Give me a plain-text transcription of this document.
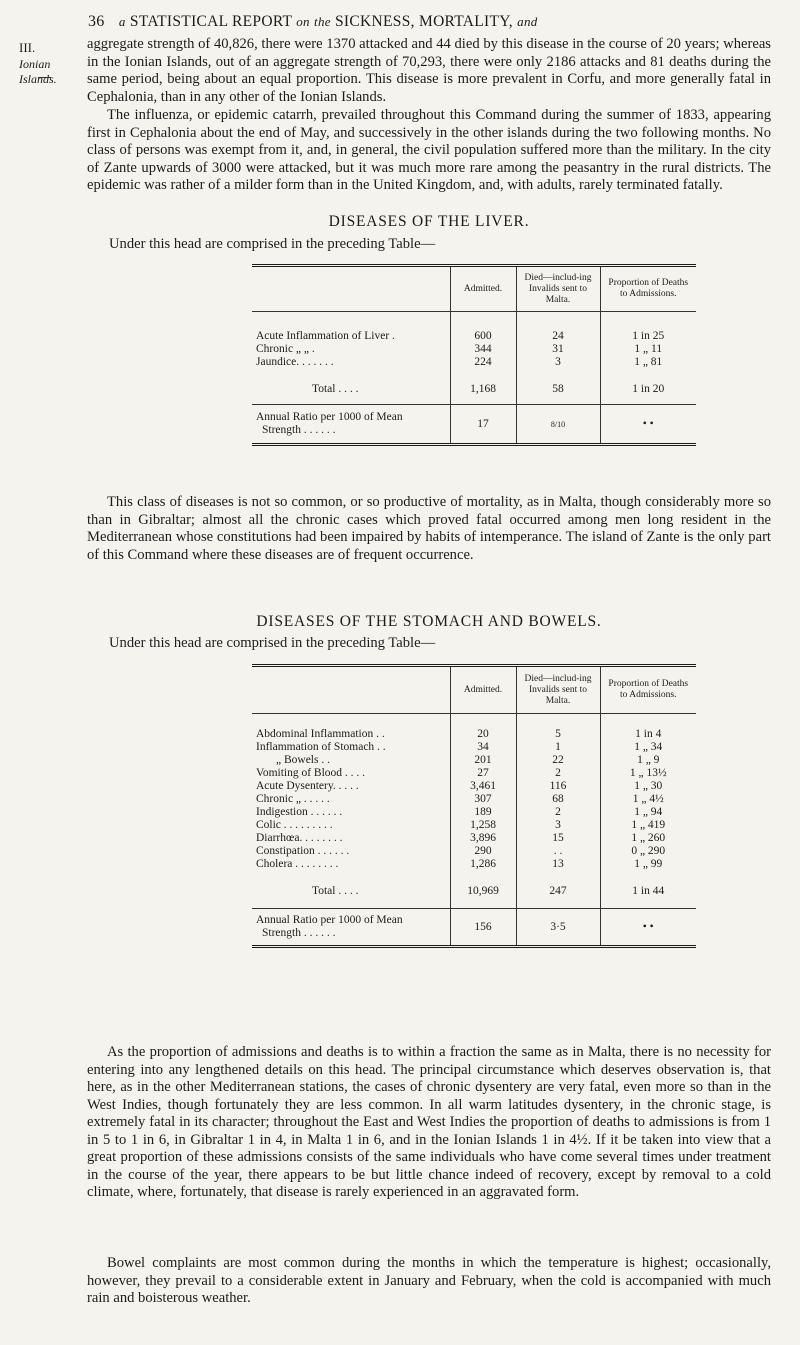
36 a STATISTICAL REPORT on the SICKNESS, MORTALITY, and
III.
Ionian Islands.
aggregate strength of 40,826, there were 1370 attacked and 44 died by this disease in the course of 20 years; whereas in the Ionian Islands, out of an aggregate strength of 70,293, there were only 2186 attacks and 81 deaths during the same period, being about an equal proportion. This disease is more prevalent in Corfu, and more generally fatal in Cephalonia, than in any other of the Ionian Islands.
The influenza, or epidemic catarrh, prevailed throughout this Command during the summer of 1833, appearing first in Cephalonia about the end of May, and successively in the other islands during the two following months. No class of persons was exempt from it, and, in general, the civil population suffered more than the military. In the city of Zante upwards of 3000 were attacked, but it was much more rare among the peasantry in the rural districts. The epidemic was rather of a milder form than in the United Kingdom, and, with adults, rarely terminated fatally.
DISEASES OF THE LIVER.
Under this head are comprised in the preceding Table—
	Admitted.	Died—includ-ing Invalids sent to Malta.	Proportion of Deaths to Admissions.

Acute Inflammation of Liver .	600	24	1 in 25
Chronic „ „ .	344	31	1 „ 11
Jaundice. . . . . . .	224	3	1 „ 81

Total . . . .	1,168	58	1 in 20
Annual Ratio per 1000 of Mean
Strength . . . . . .	17	8/10	• •
This class of diseases is not so common, or so productive of mortality, as in Malta, though considerably more so than in Gibraltar; almost all the chronic cases which proved fatal occurred among men long resident in the Mediterranean whose constitutions had been impaired by habits of intemperance. The island of Zante is the only part of this Command where these diseases are of frequent occurrence.
DISEASES OF THE STOMACH AND BOWELS.
Under this head are comprised in the preceding Table—
	Admitted.	Died—includ-ing Invalids sent to Malta.	Proportion of Deaths to Admissions.

Abdominal Inflammation . .	20	5	1 in 4
Inflammation of Stomach . .	34	1	1 „ 34
„ Bowels . .	201	22	1 „ 9
Vomiting of Blood . . . .	27	2	1 „ 13½
Acute Dysentery. . . . .	3,461	116	1 „ 30
Chronic „ . . . . .	307	68	1 „ 4½
Indigestion . . . . . .	189	2	1 „ 94
Colic . . . . . . . . .	1,258	3	1 „ 419
Diarrhœa. . . . . . . .	3,896	15	1 „ 260
Constipation . . . . . .	290	. .	0 „ 290
Cholera . . . . . . . .	1,286	13	1 „ 99

Total . . . .	10,969	247	1 in 44
Annual Ratio per 1000 of Mean
Strength . . . . . .	156	3·5	• •
As the proportion of admissions and deaths is to within a fraction the same as in Malta, there is no necessity for entering into any lengthened details on this head. The principal circumstance which deserves observation is, that here, as in the other Mediterranean stations, the cases of chronic dysentery are very fatal, even more so than in the West Indies, though fortunately they are less common. In all warm latitudes dysentery, in the chronic stage, is extremely fatal in its character; throughout the East and West Indies the proportion of deaths to admissions is from 1 in 5 to 1 in 6, in Gibraltar 1 in 4, in Malta 1 in 6, and in the Ionian Islands 1 in 4½. If it be taken into view that a great proportion of these admissions consists of the same individuals who have come several times under treatment in the course of the year, there appears to be but little chance indeed of recovery, except by removal to a cold climate, where, fortunately, that disease is rarely experienced in an aggravated form.
Bowel complaints are most common during the months in which the temperature is highest; occasionally, however, they prevail to a considerable extent in January and February, when the cold is accompanied with much rain and boisterous weather.
